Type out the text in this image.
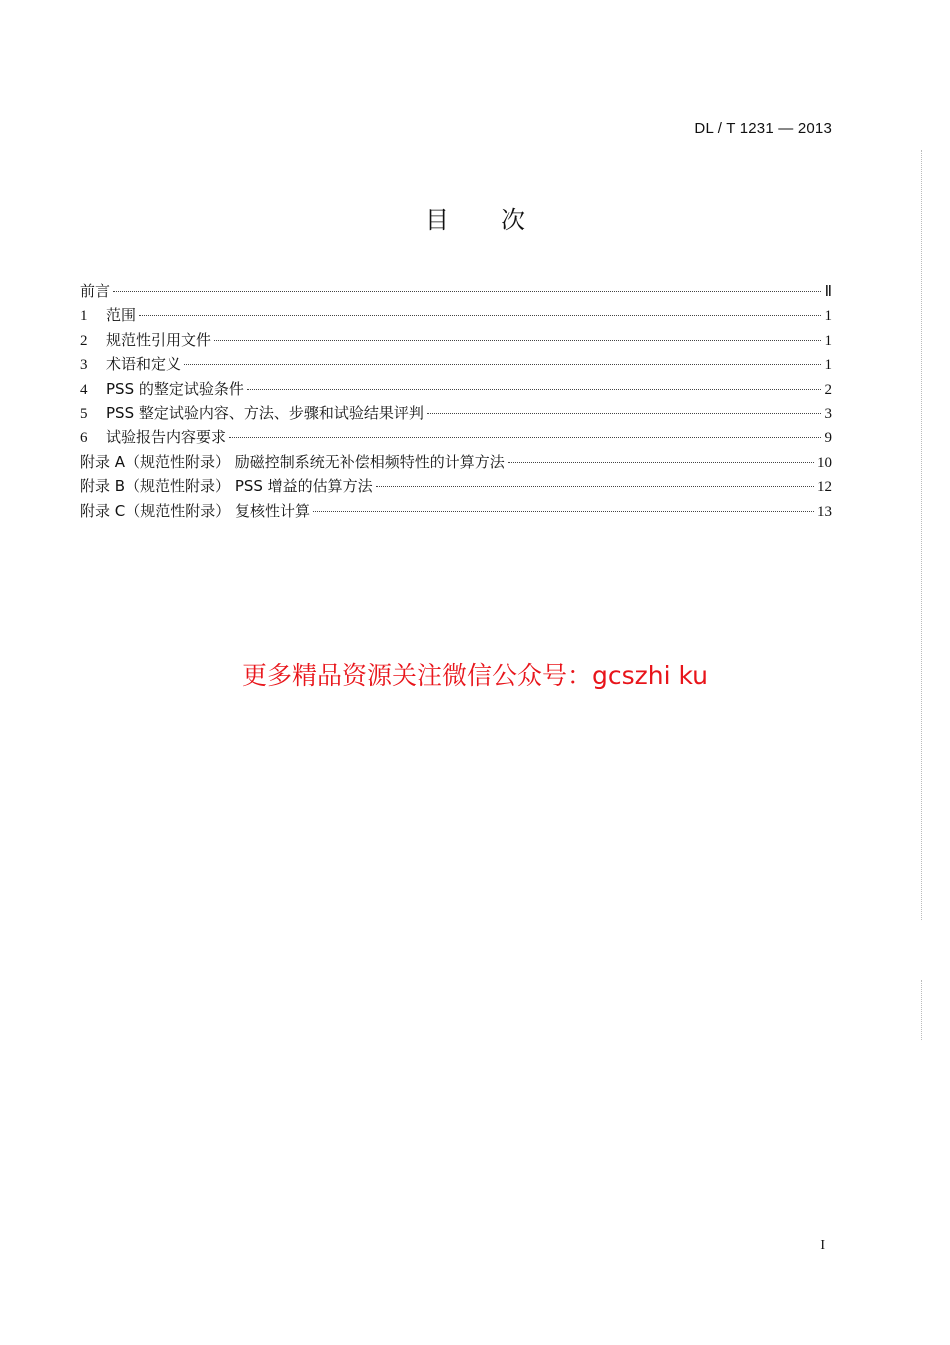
DL / T 1231 — 2013
目次
前言	Ⅱ
1	范围	1
2	规范性引用文件	1
3	术语和定义	1
4	PSS 的整定试验条件	2
5	PSS 整定试验内容、方法、步骤和试验结果评判	3
6	试验报告内容要求	9
附录 A（规范性附录） 励磁控制系统无补偿相频特性的计算方法	10
附录 B（规范性附录） PSS 增益的估算方法	12
附录 C（规范性附录） 复核性计算	13
更多精品资源关注微信公众号：gcszhi ku
I
